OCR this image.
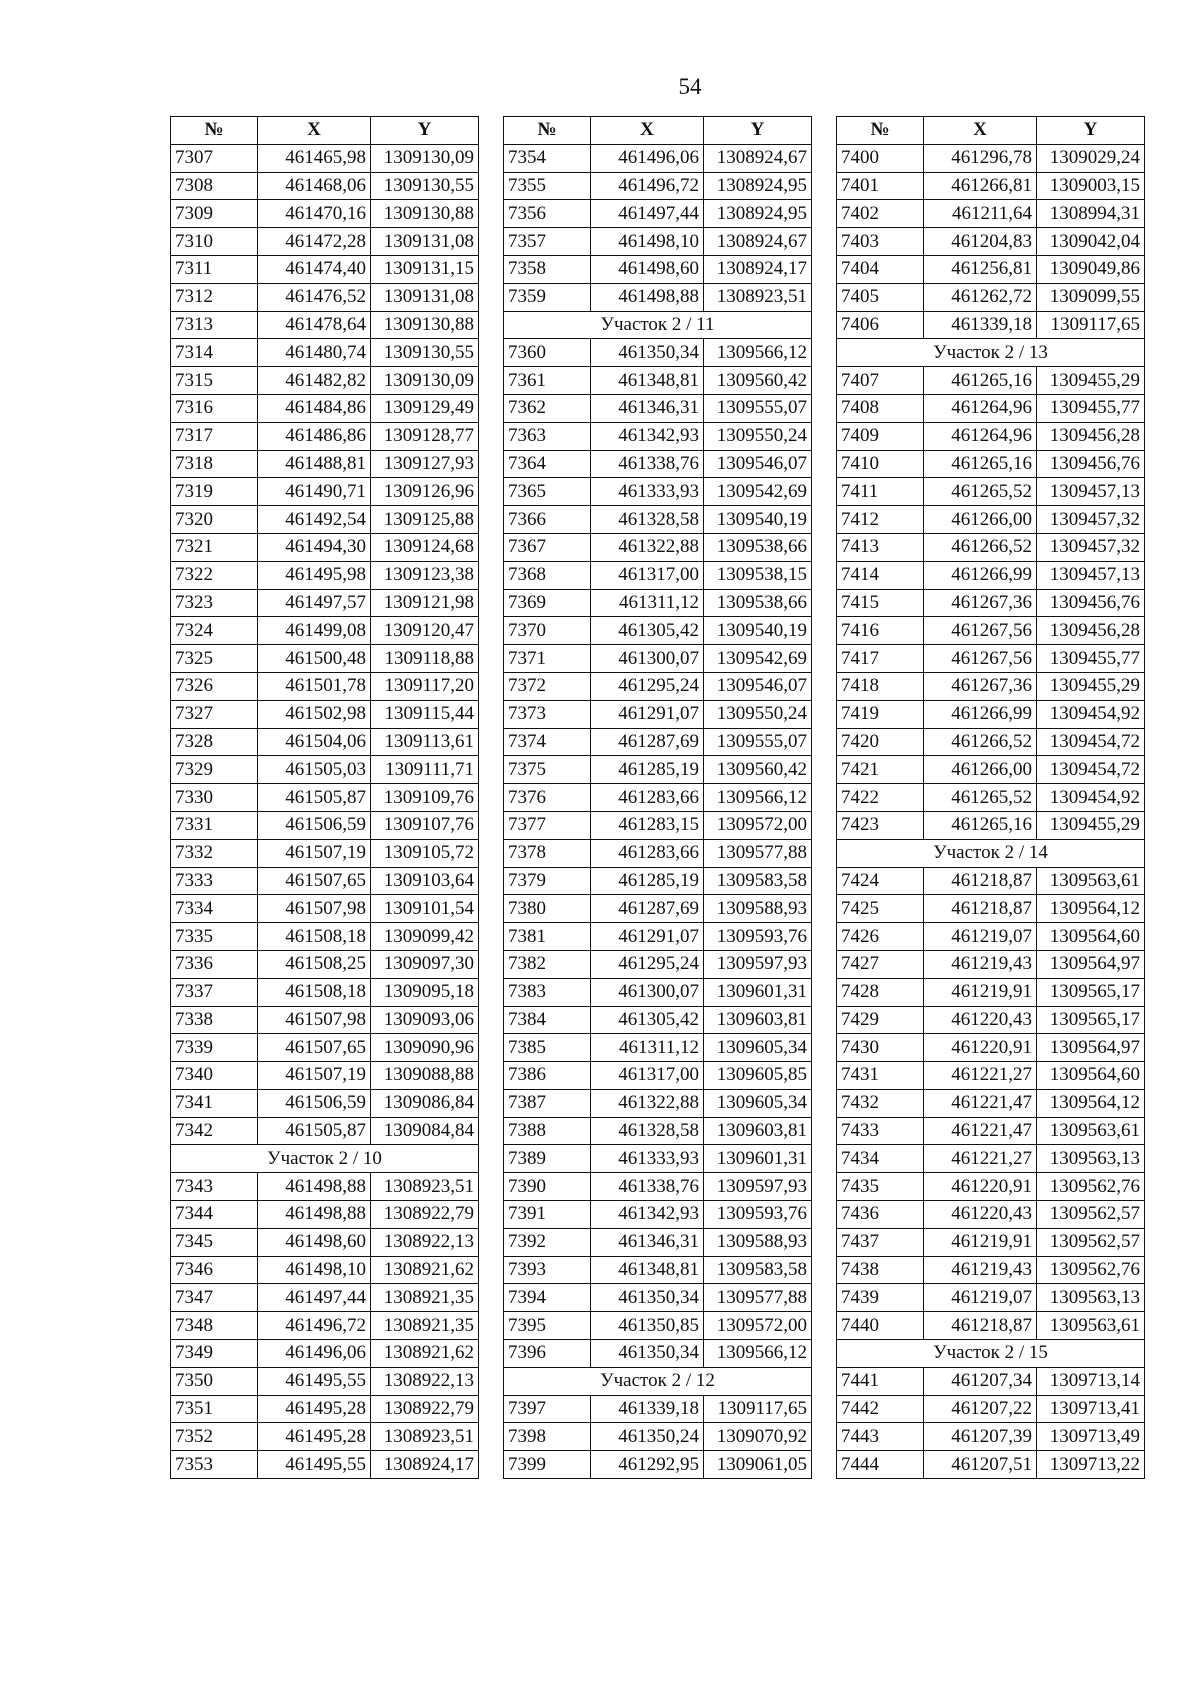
54
№	X	Y
7307	461465,98	1309130,09
7308	461468,06	1309130,55
7309	461470,16	1309130,88
7310	461472,28	1309131,08
7311	461474,40	1309131,15
7312	461476,52	1309131,08
7313	461478,64	1309130,88
7314	461480,74	1309130,55
7315	461482,82	1309130,09
7316	461484,86	1309129,49
7317	461486,86	1309128,77
7318	461488,81	1309127,93
7319	461490,71	1309126,96
7320	461492,54	1309125,88
7321	461494,30	1309124,68
7322	461495,98	1309123,38
7323	461497,57	1309121,98
7324	461499,08	1309120,47
7325	461500,48	1309118,88
7326	461501,78	1309117,20
7327	461502,98	1309115,44
7328	461504,06	1309113,61
7329	461505,03	1309111,71
7330	461505,87	1309109,76
7331	461506,59	1309107,76
7332	461507,19	1309105,72
7333	461507,65	1309103,64
7334	461507,98	1309101,54
7335	461508,18	1309099,42
7336	461508,25	1309097,30
7337	461508,18	1309095,18
7338	461507,98	1309093,06
7339	461507,65	1309090,96
7340	461507,19	1309088,88
7341	461506,59	1309086,84
7342	461505,87	1309084,84
Участок 2 / 10		
7343	461498,88	1308923,51
7344	461498,88	1308922,79
7345	461498,60	1308922,13
7346	461498,10	1308921,62
7347	461497,44	1308921,35
7348	461496,72	1308921,35
7349	461496,06	1308921,62
7350	461495,55	1308922,13
7351	461495,28	1308922,79
7352	461495,28	1308923,51
7353	461495,55	1308924,17
№	X	Y
7354	461496,06	1308924,67
7355	461496,72	1308924,95
7356	461497,44	1308924,95
7357	461498,10	1308924,67
7358	461498,60	1308924,17
7359	461498,88	1308923,51
Участок 2 / 11		
7360	461350,34	1309566,12
7361	461348,81	1309560,42
7362	461346,31	1309555,07
7363	461342,93	1309550,24
7364	461338,76	1309546,07
7365	461333,93	1309542,69
7366	461328,58	1309540,19
7367	461322,88	1309538,66
7368	461317,00	1309538,15
7369	461311,12	1309538,66
7370	461305,42	1309540,19
7371	461300,07	1309542,69
7372	461295,24	1309546,07
7373	461291,07	1309550,24
7374	461287,69	1309555,07
7375	461285,19	1309560,42
7376	461283,66	1309566,12
7377	461283,15	1309572,00
7378	461283,66	1309577,88
7379	461285,19	1309583,58
7380	461287,69	1309588,93
7381	461291,07	1309593,76
7382	461295,24	1309597,93
7383	461300,07	1309601,31
7384	461305,42	1309603,81
7385	461311,12	1309605,34
7386	461317,00	1309605,85
7387	461322,88	1309605,34
7388	461328,58	1309603,81
7389	461333,93	1309601,31
7390	461338,76	1309597,93
7391	461342,93	1309593,76
7392	461346,31	1309588,93
7393	461348,81	1309583,58
7394	461350,34	1309577,88
7395	461350,85	1309572,00
7396	461350,34	1309566,12
Участок 2 / 12		
7397	461339,18	1309117,65
7398	461350,24	1309070,92
7399	461292,95	1309061,05
№	X	Y
7400	461296,78	1309029,24
7401	461266,81	1309003,15
7402	461211,64	1308994,31
7403	461204,83	1309042,04
7404	461256,81	1309049,86
7405	461262,72	1309099,55
7406	461339,18	1309117,65
Участок 2 / 13		
7407	461265,16	1309455,29
7408	461264,96	1309455,77
7409	461264,96	1309456,28
7410	461265,16	1309456,76
7411	461265,52	1309457,13
7412	461266,00	1309457,32
7413	461266,52	1309457,32
7414	461266,99	1309457,13
7415	461267,36	1309456,76
7416	461267,56	1309456,28
7417	461267,56	1309455,77
7418	461267,36	1309455,29
7419	461266,99	1309454,92
7420	461266,52	1309454,72
7421	461266,00	1309454,72
7422	461265,52	1309454,92
7423	461265,16	1309455,29
Участок 2 / 14		
7424	461218,87	1309563,61
7425	461218,87	1309564,12
7426	461219,07	1309564,60
7427	461219,43	1309564,97
7428	461219,91	1309565,17
7429	461220,43	1309565,17
7430	461220,91	1309564,97
7431	461221,27	1309564,60
7432	461221,47	1309564,12
7433	461221,47	1309563,61
7434	461221,27	1309563,13
7435	461220,91	1309562,76
7436	461220,43	1309562,57
7437	461219,91	1309562,57
7438	461219,43	1309562,76
7439	461219,07	1309563,13
7440	461218,87	1309563,61
Участок 2 / 15		
7441	461207,34	1309713,14
7442	461207,22	1309713,41
7443	461207,39	1309713,49
7444	461207,51	1309713,22
